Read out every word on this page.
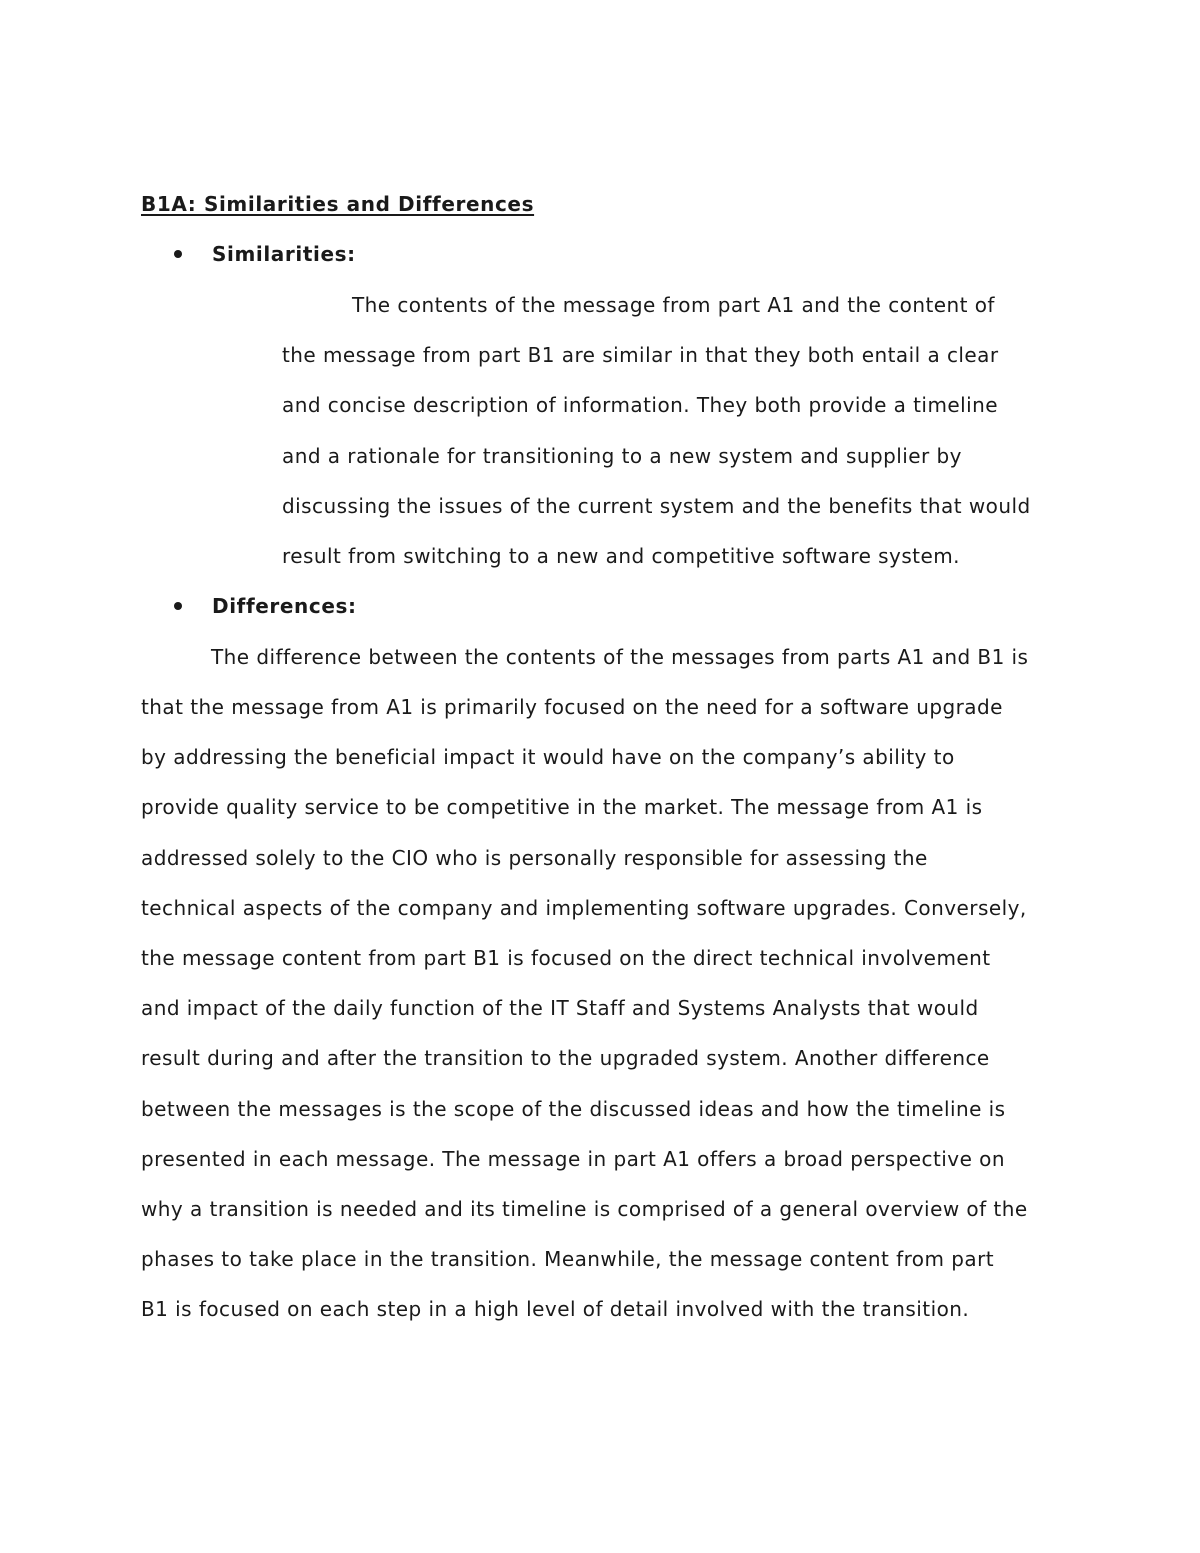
B1A: Similarities and Differences
Similarities:

The contents of the message from part A1 and the content of

the message from part B1 are similar in that they both entail a clear

and concise description of information. They both provide a timeline

and a rationale for transitioning to a new system and supplier by

discussing the issues of the current system and the benefits that would

result from switching to a new and competitive software system.

Differences:

The difference between the contents of the messages from parts A1 and B1 is

that the message from A1 is primarily focused on the need for a software upgrade

by addressing the beneficial impact it would have on the company’s ability to

provide quality service to be competitive in the market. The message from A1 is

addressed solely to the CIO who is personally responsible for assessing the

technical aspects of the company and implementing software upgrades. Conversely,

the message content from part B1 is focused on the direct technical involvement

and impact of the daily function of the IT Staff and Systems Analysts that would

result during and after the transition to the upgraded system. Another difference

between the messages is the scope of the discussed ideas and how the timeline is

presented in each message. The message in part A1 offers a broad perspective on

why a transition is needed and its timeline is comprised of a general overview of the

phases to take place in the transition. Meanwhile, the message content from part

B1 is focused on each step in a high level of detail involved with the transition.
